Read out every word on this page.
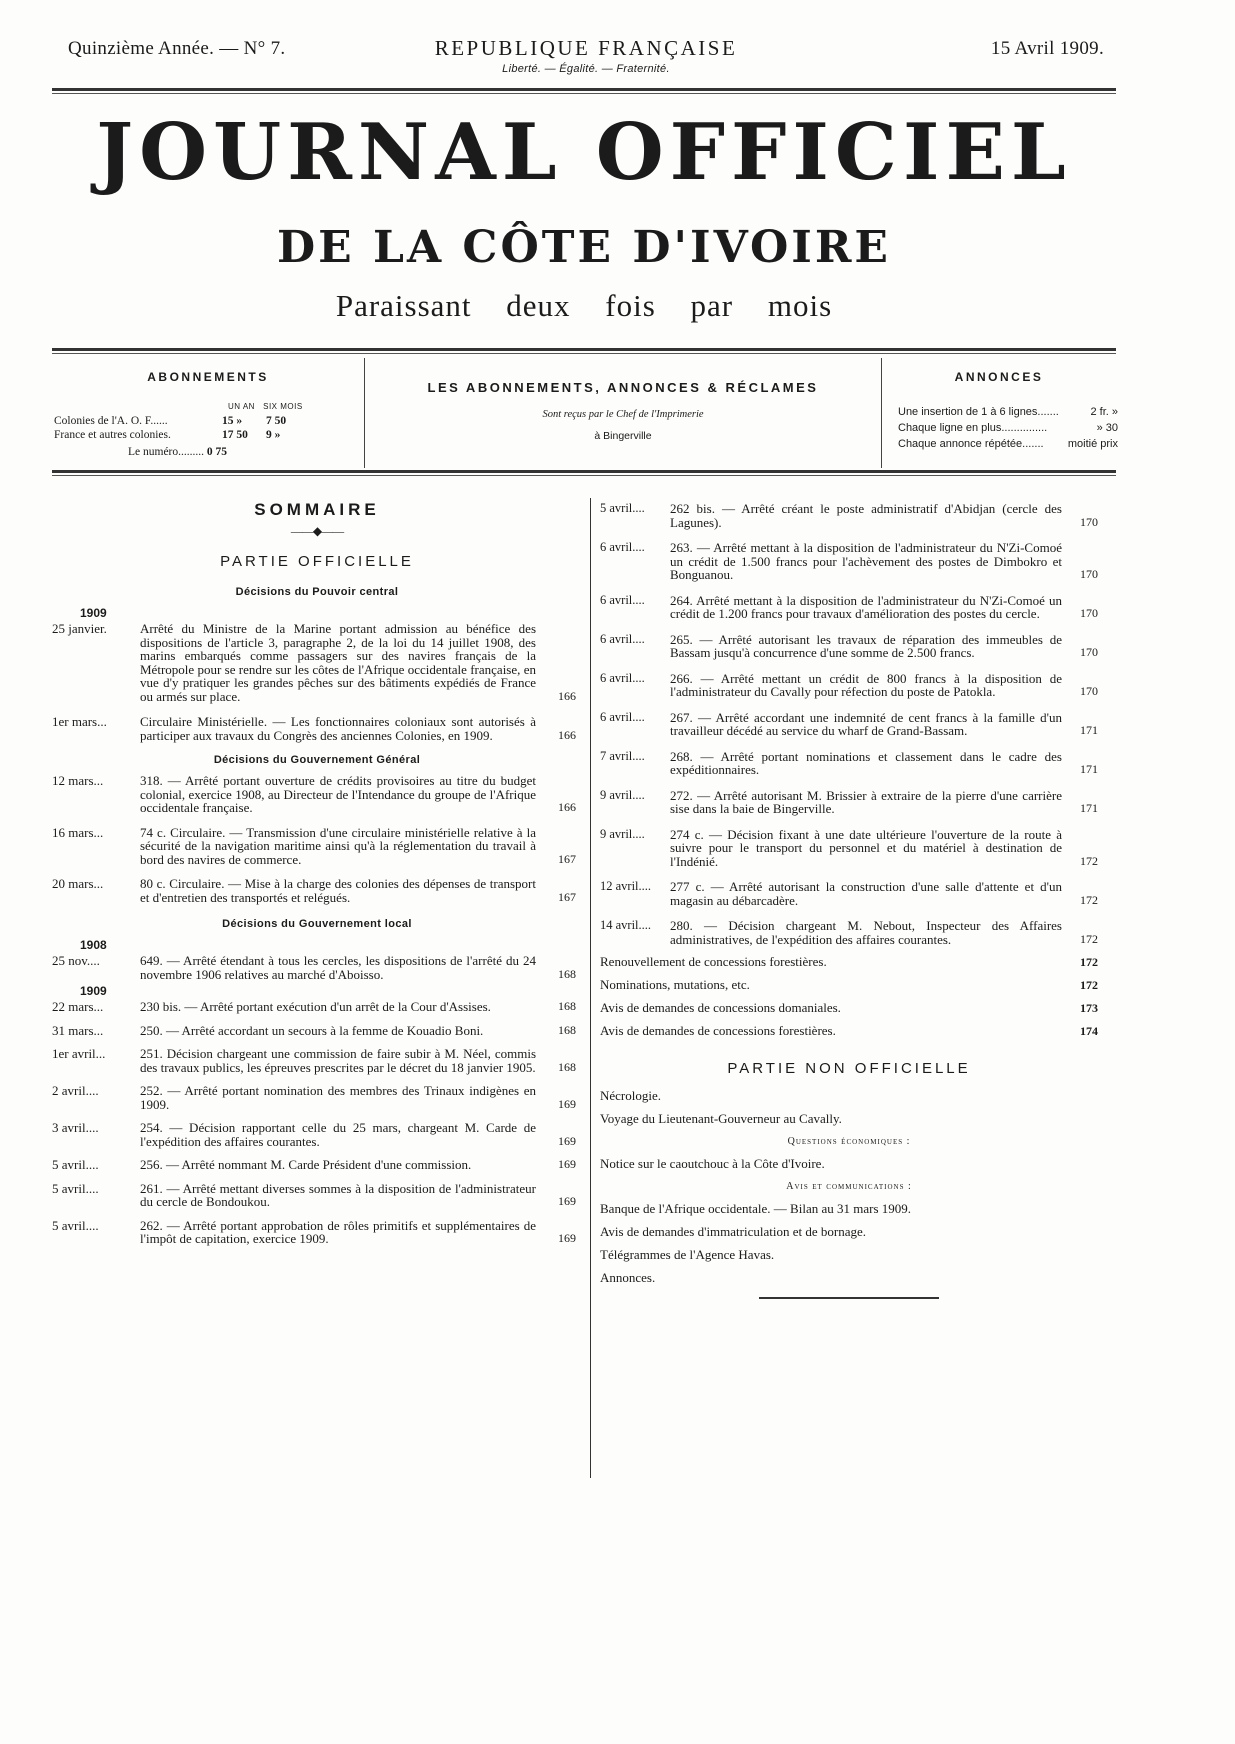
Quinzième Année. — N° 7.	REPUBLIQUE FRANÇAISE
Liberté. — Égalité. — Fraternité.
15 Avril 1909.
JOURNAL OFFICIEL
DE LA CÔTE D'IVOIRE
Paraissant deux fois par mois
ABONNEMENTS
UN AN SIX MOIS
Colonies de l'A. O. F......	15 » 7 50
France et autres colonies.	17 50 9 »
Le numéro......... 0 75
LES ABONNEMENTS, ANNONCES & RÉCLAMES
Sont reçus par le Chef de l'Imprimerie
à Bingerville
ANNONCES
Une insertion de 1 à 6 lignes.......	2 fr. »
Chaque ligne en plus...............	» 30
Chaque annonce répétée....... moitié prix
SOMMAIRE
——◆——
PARTIE OFFICIELLE
Décisions du Pouvoir central
1909
25 janvier.	Arrêté du Ministre de la Marine portant admission au bénéfice des dispositions de l'article 3, paragraphe 2, de la loi du 14 juillet 1908, des marins embarqués comme passagers sur des navires français de la Métropole pour se rendre sur les côtes de l'Afrique occidentale française, en vue d'y pratiquer les grandes pêches sur des bâtiments expédiés de France ou armés sur place.	166
1er mars...	Circulaire Ministérielle. — Les fonctionnaires coloniaux sont autorisés à participer aux travaux du Congrès des anciennes Colonies, en 1909.	166
Décisions du Gouvernement Général
12 mars...	318. — Arrêté portant ouverture de crédits provisoires au titre du budget colonial, exercice 1908, au Directeur de l'Intendance du groupe de l'Afrique occidentale française.	166
16 mars...	74 c. Circulaire. — Transmission d'une circulaire ministérielle relative à la sécurité de la navigation maritime ainsi qu'à la réglementation du travail à bord des navires de commerce.	167
20 mars...	80 c. Circulaire. — Mise à la charge des colonies des dépenses de transport et d'entretien des transportés et relégués.	167
Décisions du Gouvernement local
1908
25 nov....	649. — Arrêté étendant à tous les cercles, les dispositions de l'arrêté du 24 novembre 1906 relatives au marché d'Aboisso.	168
1909
22 mars...	230 bis. — Arrêté portant exécution d'un arrêt de la Cour d'Assises.	168
31 mars...	250. — Arrêté accordant un secours à la femme de Kouadio Boni.	168
1er avril...	251. Décision chargeant une commission de faire subir à M. Néel, commis des travaux publics, les épreuves prescrites par le décret du 18 janvier 1905. 168
2 avril....	252. — Arrêté portant nomination des membres des Trinaux indigènes en 1909.	169
3 avril....	254. — Décision rapportant celle du 25 mars, chargeant M. Carde de l'expédition des affaires courantes.	169
5 avril....	256. — Arrêté nommant M. Carde Président d'une commission.	169
5 avril....	261. — Arrêté mettant diverses sommes à la disposition de l'administrateur du cercle de Bondoukou.	169
5 avril....	262. — Arrêté portant approbation de rôles primitifs et supplémentaires de l'impôt de capitation, exercice 1909.	169
5 avril....	262 bis. — Arrêté créant le poste administratif d'Abidjan (cercle des Lagunes).	170
6 avril....	263. — Arrêté mettant à la disposition de l'administrateur du N'Zi-Comoé un crédit de 1.500 francs pour l'achèvement des postes de Dimbokro et Bonguanou.	170
6 avril....	264. Arrêté mettant à la disposition de l'administrateur du N'Zi-Comoé un crédit de 1.200 francs pour travaux d'amélioration des postes du cercle.	170
6 avril....	265. — Arrêté autorisant les travaux de réparation des immeubles de Bassam jusqu'à concurrence d'une somme de 2.500 francs.	170
6 avril....	266. — Arrêté mettant un crédit de 800 francs à la disposition de l'administrateur du Cavally pour réfection du poste de Patokla.	170
6 avril....	267. — Arrêté accordant une indemnité de cent francs à la famille d'un travailleur décédé au service du wharf de Grand-Bassam.	171
7 avril....	268. — Arrêté portant nominations et classement dans le cadre des expéditionnaires.	171
9 avril....	272. — Arrêté autorisant M. Brissier à extraire de la pierre d'une carrière sise dans la baie de Bingerville.	171
9 avril....	274 c. — Décision fixant à une date ultérieure l'ouverture de la route à suivre pour le transport du personnel et du matériel à destination de l'Indénié.	172
12 avril....	277 c. — Arrêté autorisant la construction d'une salle d'attente et d'un magasin au débarcadère.	172
14 avril....	280. — Décision chargeant M. Nebout, Inspecteur des Affaires administratives, de l'expédition des affaires courantes.	172
Renouvellement de concessions forestières.	172
Nominations, mutations, etc.	172
Avis de demandes de concessions domaniales.	173
Avis de demandes de concessions forestières.	174
PARTIE NON OFFICIELLE
Nécrologie.
Voyage du Lieutenant-Gouverneur au Cavally.
Questions économiques :
Notice sur le caoutchouc à la Côte d'Ivoire.
Avis et communications :
Banque de l'Afrique occidentale. — Bilan au 31 mars 1909.
Avis de demandes d'immatriculation et de bornage.
Télégrammes de l'Agence Havas.
Annonces.
